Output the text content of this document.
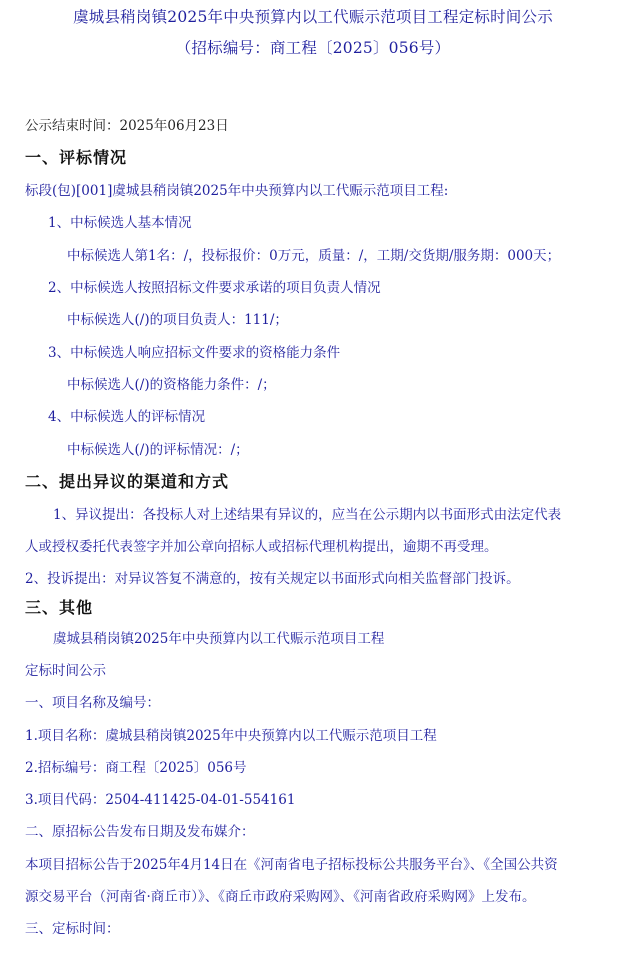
虞城县稍岗镇2025年中央预算内以工代赈示范项目工程定标时间公示
（招标编号：商工程〔2025〕056号）
公示结束时间：2025年06月23日
一、评标情况
标段(包)[001]虞城县稍岗镇2025年中央预算内以工代赈示范项目工程:
1、中标候选人基本情况
中标候选人第1名：/，投标报价：0万元，质量：/，工期/交货期/服务期：000天；
2、中标候选人按照招标文件要求承诺的项目负责人情况
中标候选人(/)的项目负责人：111/；
3、中标候选人响应招标文件要求的资格能力条件
中标候选人(/)的资格能力条件：/；
4、中标候选人的评标情况
中标候选人(/)的评标情况：/；
二、提出异议的渠道和方式
1、异议提出：各投标人对上述结果有异议的，应当在公示期内以书面形式由法定代表
人或授权委托代表签字并加公章向招标人或招标代理机构提出，逾期不再受理。
2、投诉提出：对异议答复不满意的，按有关规定以书面形式向相关监督部门投诉。
三、其他
虞城县稍岗镇2025年中央预算内以工代赈示范项目工程
定标时间公示
一、项目名称及编号：
1.项目名称：虞城县稍岗镇2025年中央预算内以工代赈示范项目工程
2.招标编号：商工程〔2025〕056号
3.项目代码：2504-411425-04-01-554161
二、原招标公告发布日期及发布媒介：
本项目招标公告于2025年4月14日在《河南省电子招标投标公共服务平台》、《全国公共资
源交易平台（河南省·商丘市）》、《商丘市政府采购网》、《河南省政府采购网》上发布。
三、定标时间：
